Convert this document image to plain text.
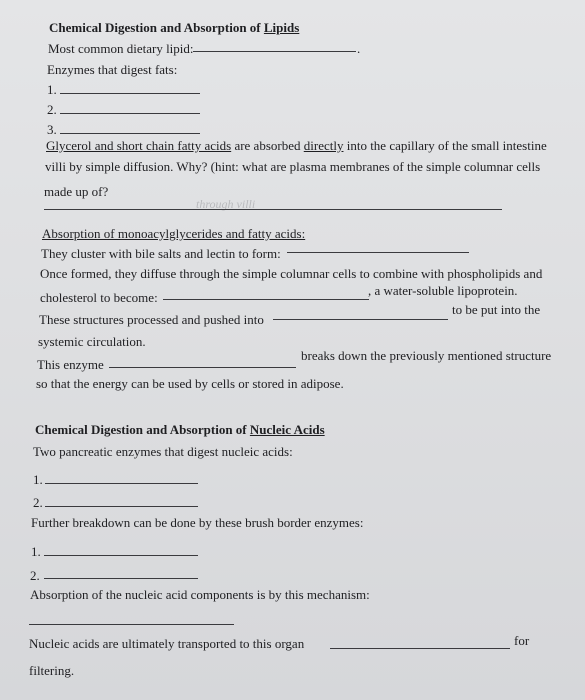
Chemical Digestion and Absorption of Lipids
Most common dietary lipid:	.
Enzymes that digest fats:
1.
2.
3.
Glycerol and short chain fatty acids are absorbed directly into the capillary of the small intestine
villi by simple diffusion. Why? (hint: what are plasma membranes of the simple columnar cells
made up of?
through villi
Absorption of monoacylglycerides and fatty acids:
They cluster with bile salts and lectin to form:
Once formed, they diffuse through the simple columnar cells to combine with phospholipids and
cholesterol to become:	, a water-soluble lipoprotein.
These structures processed and pushed into
to be put into the
systemic circulation.
This enzyme
breaks down the previously mentioned structure
so that the energy can be used by cells or stored in adipose.
Chemical Digestion and Absorption of Nucleic Acids
Two pancreatic enzymes that digest nucleic acids:
1.
2.
Further breakdown can be done by these brush border enzymes:
1.
2.
Absorption of the nucleic acid components is by this mechanism:
Nucleic acids are ultimately transported to this organ	for
filtering.
